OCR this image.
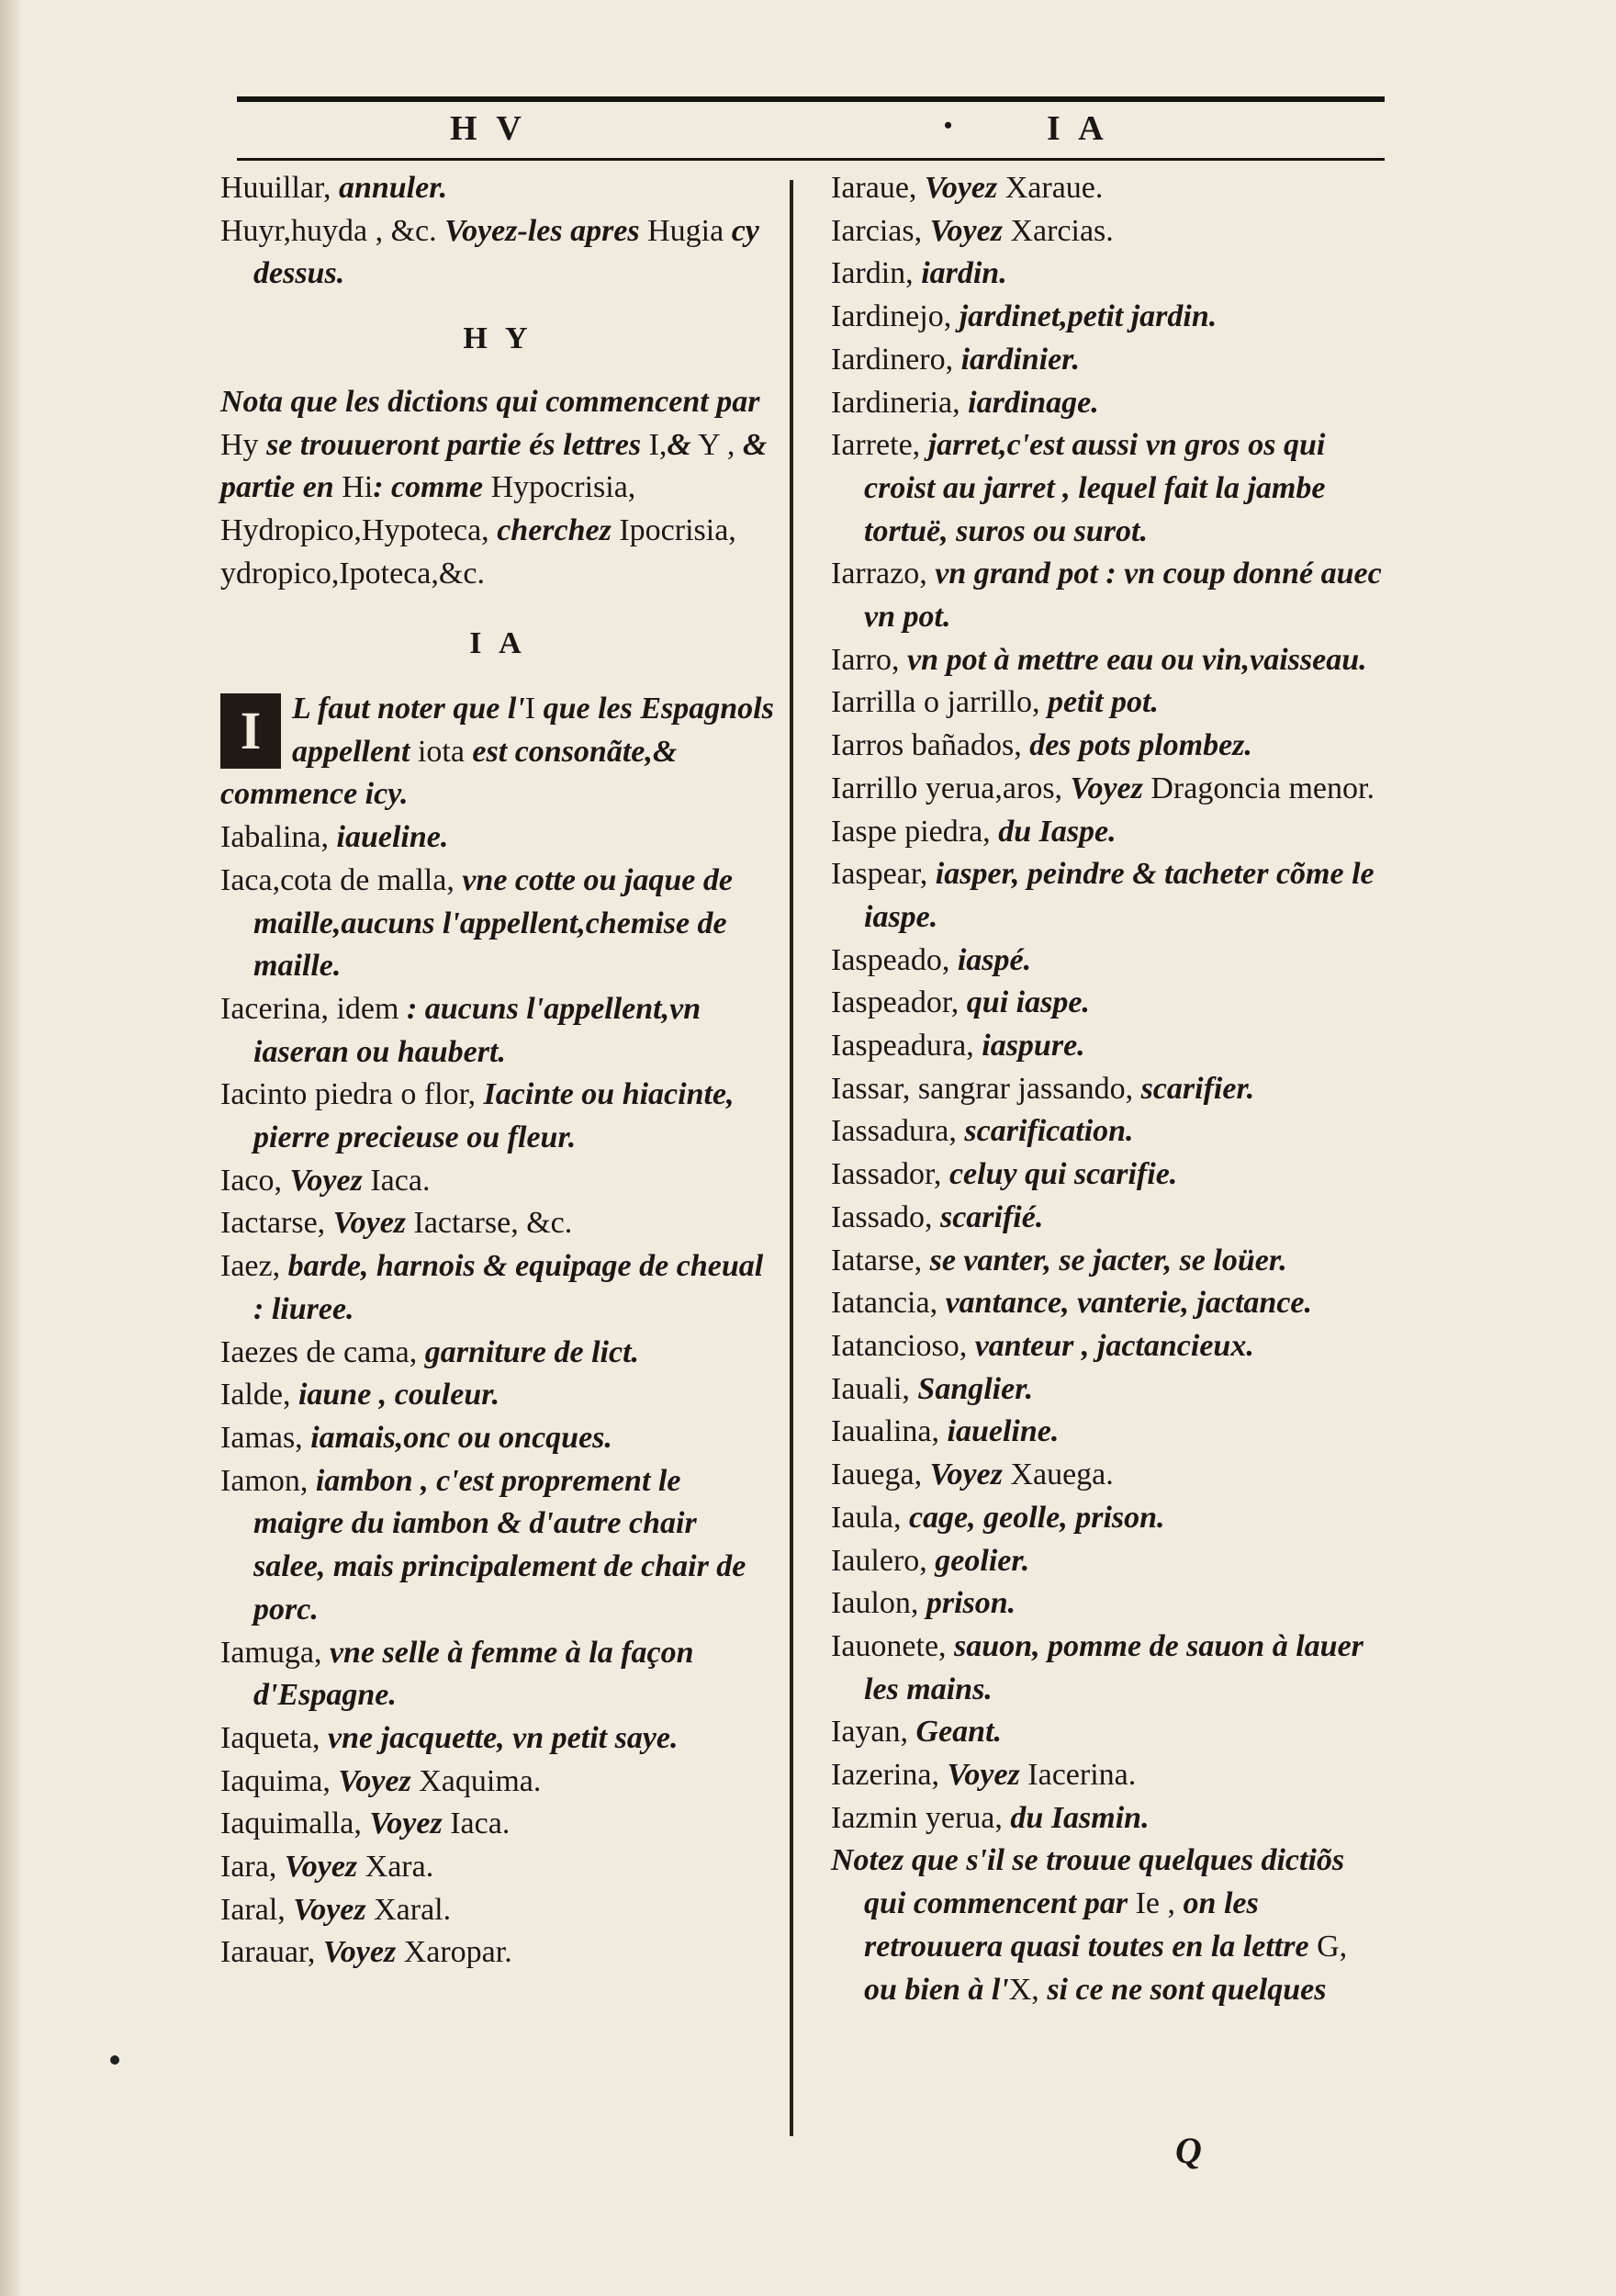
H V	•	I A
Huuillar, annuler.
Huyr,huyda , &c. Voyez-les apres Hugia cy dessus.
H Y
Nota que les dictions qui commencent par Hy se trouueront partie és lettres I,& Y , & partie en Hi: comme Hypocrisia, Hydropico,Hypoteca, cherchez Ipocrisia, ydropico,Ipoteca,&c.
I A
I L faut noter que l'I que les Espagnols appellent iota est consonãte,& commence icy.
Iabalina, iaueline.
Iaca,cota de malla, vne cotte ou jaque de maille,aucuns l'appellent,chemise de maille.
Iacerina, idem : aucuns l'appellent,vn iaseran ou haubert.
Iacinto piedra o flor, Iacinte ou hiacinte, pierre precieuse ou fleur.
Iaco, Voyez Iaca.
Iactarse, Voyez Iactarse, &c.
Iaez, barde, harnois & equipage de cheual : liuree.
Iaezes de cama, garniture de lict.
Ialde, iaune , couleur.
Iamas, iamais,onc ou oncques.
Iamon, iambon , c'est proprement le maigre du iambon & d'autre chair salee, mais principalement de chair de porc.
Iamuga, vne selle à femme à la façon d'Espagne.
Iaqueta, vne jacquette, vn petit saye.
Iaquima, Voyez Xaquima.
Iaquimalla, Voyez Iaca.
Iara, Voyez Xara.
Iaral, Voyez Xaral.
Iarauar, Voyez Xaropar.
Iaraue, Voyez Xaraue.
Iarcias, Voyez Xarcias.
Iardin, iardin.
Iardinejo, jardinet,petit jardin.
Iardinero, iardinier.
Iardineria, iardinage.
Iarrete, jarret,c'est aussi vn gros os qui croist au jarret , lequel fait la jambe tortuë, suros ou surot.
Iarrazo, vn grand pot : vn coup donné auec vn pot.
Iarro, vn pot à mettre eau ou vin,vaisseau.
Iarrilla o jarrillo, petit pot.
Iarros bañados, des pots plombez.
Iarrillo yerua,aros, Voyez Dragoncia menor.
Iaspe piedra, du Iaspe.
Iaspear, iasper, peindre & tacheter cõme le iaspe.
Iaspeado, iaspé.
Iaspeador, qui iaspe.
Iaspeadura, iaspure.
Iassar, sangrar jassando, scarifier.
Iassadura, scarification.
Iassador, celuy qui scarifie.
Iassado, scarifié.
Iatarse, se vanter, se jacter, se loüer.
Iatancia, vantance, vanterie, jactance.
Iatancioso, vanteur , jactancieux.
Iauali, Sanglier.
Iaualina, iaueline.
Iauega, Voyez Xauega.
Iaula, cage, geolle, prison.
Iaulero, geolier.
Iaulon, prison.
Iauonete, sauon, pomme de sauon à lauer les mains.
Iayan, Geant.
Iazerina, Voyez Iacerina.
Iazmin yerua, du Iasmin.
Notez que s'il se trouue quelques dictiõs qui commencent par Ie , on les retrouuera quasi toutes en la lettre G, ou bien à l'X, si ce ne sont quelques
Q
